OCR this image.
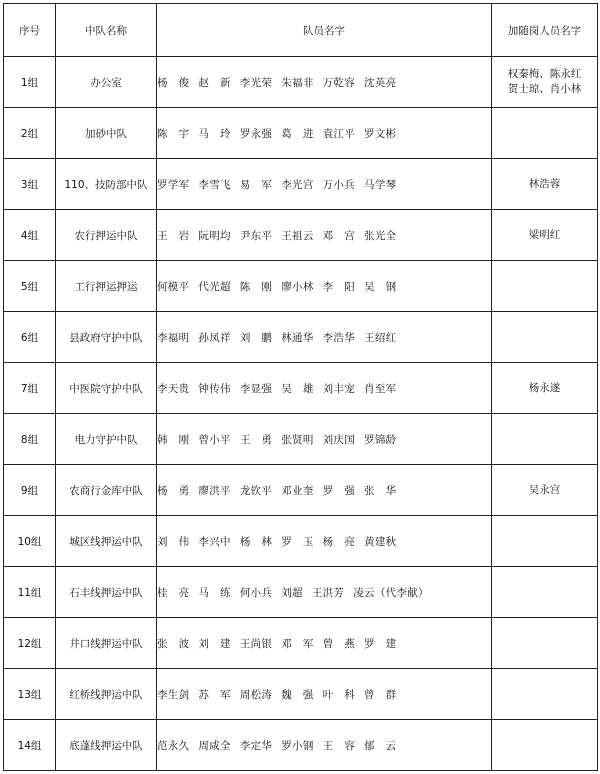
序号	中队名称	队员名字	加随岗人员名字
1组	办公室	杨　俊 赵　新 李光荣 朱福非 万乾容 沈英亮	权秦梅、陈永红
贺士琼、肖小林

2组	加砂中队	陈　宇 马　玲 罗永强 葛　进 袁江平 罗文彬	
3组	110、技防部中队	罗学军 李雪飞 易　军 李光宫 万小兵 马学琴	林浩蓉

4组	农行押运中队	王　岩 阮明均 尹东平 王祖云 邓　宫 张光全	梁明红

5组	工行押运押运	何模平 代光超 陈　刚 廖小林 李　阳 吴　钢	
6组	县政府守护中队	李福明 孙凤祥 刘　鹏 林通华 李浩华 王绍红	
7组	中医院守护中队	李天贵 钟传伟 李显强 吴　雄 刘丰宠 肖至军	杨永遂

8组	电力守护中队	韩　刚 曾小平 王　勇 张贤明 刘庆国 罗锦龄	
9组	农商行金库中队	杨　勇 廖洪平 龙钦平 邓业奎 罗　强 张　华	吴永宫

10组	城区线押运中队	刘　伟 李兴中 杨　林 罗　玉 杨　亮 黄建秋	
11组	石丰线押运中队	桂　亮 马　练 何小兵 刘超 王洪芳 凌云（代李献）	
12组	井口线押运中队	张　波 刘　建 王尚银 邓　军 曾　燕 罗　建	
13组	红桥线押运中队	李生剑 苏　军 周松涛 魏　强 叶　科 曾　群	
14组	底蓬线押运中队	范永久 周咸全 李定华 罗小钢 王　容 郁　云	
